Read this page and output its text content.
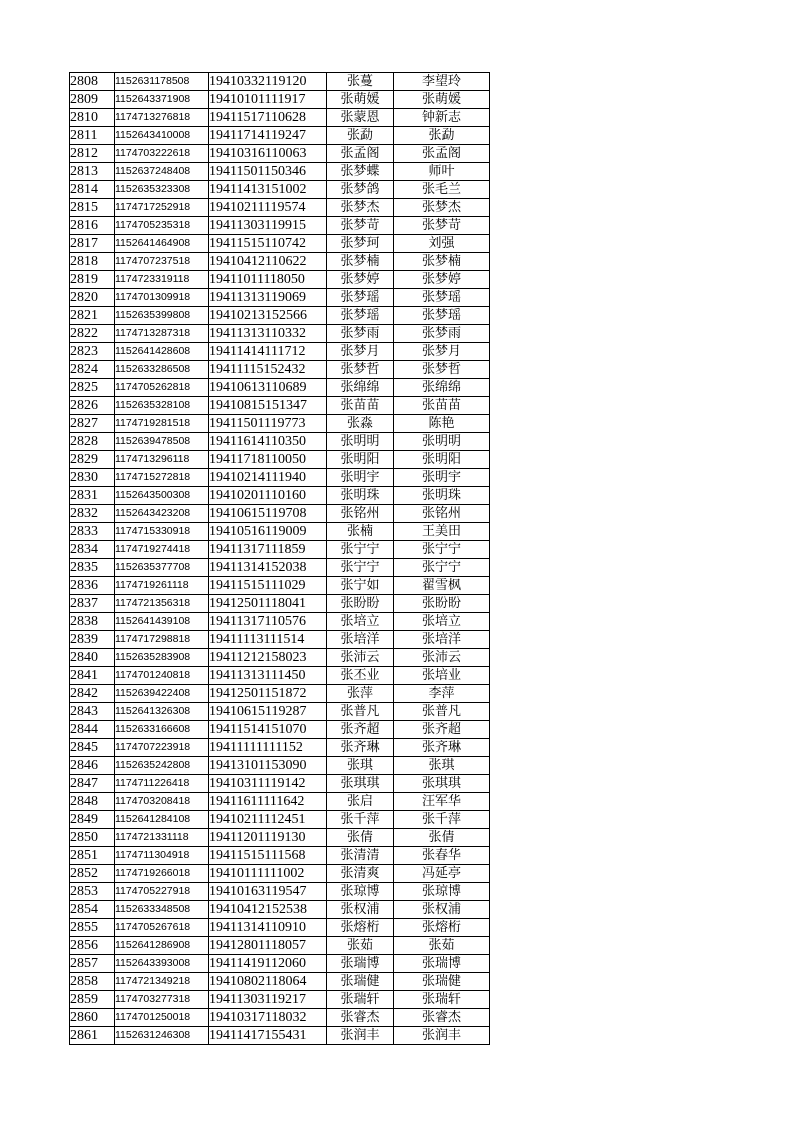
2808	1152631178508	19410332119120	张蔓	李望玲
2809	1152643371908	19410101111917	张萌媛	张萌媛
2810	1174713276818	19411517110628	张蒙恩	钟新志
2811	1152643410008	19411714119247	张勐	张勐
2812	1174703222618	19410316110063	张孟阁	张孟阁
2813	1152637248408	19411501150346	张梦蝶	师叶
2814	1152635323308	19411413151002	张梦鸽	张毛兰
2815	1174717252918	19410211119574	张梦杰	张梦杰
2816	1174705235318	19411303119915	张梦苛	张梦苛
2817	1152641464908	19411515110742	张梦珂	刘强
2818	1174707237518	19410412110622	张梦楠	张梦楠
2819	1174723319118	19411011118050	张梦婷	张梦婷
2820	1174701309918	19411313119069	张梦瑶	张梦瑶
2821	1152635399808	19410213152566	张梦瑶	张梦瑶
2822	1174713287318	19411313110332	张梦雨	张梦雨
2823	1152641428608	19411414111712	张梦月	张梦月
2824	1152633286508	19411115152432	张梦哲	张梦哲
2825	1174705262818	19410613110689	张绵绵	张绵绵
2826	1152635328108	19410815151347	张苗苗	张苗苗
2827	1174719281518	19411501119773	张淼	陈艳
2828	1152639478508	19411614110350	张明明	张明明
2829	1174713296118	19411718110050	张明阳	张明阳
2830	1174715272818	19410214111940	张明宇	张明宇
2831	1152643500308	19410201110160	张明珠	张明珠
2832	1152643423208	19410615119708	张铭州	张铭州
2833	1174715330918	19410516119009	张楠	王美田
2834	1174719274418	19411317111859	张宁宁	张宁宁
2835	1152635377708	19411314152038	张宁宁	张宁宁
2836	1174719261118	19411515111029	张宁如	翟雪枫
2837	1174721356318	19412501118041	张盼盼	张盼盼
2838	1152641439108	19411317110576	张培立	张培立
2839	1174717298818	19411113111514	张培洋	张培洋
2840	1152635283908	19411212158023	张沛云	张沛云
2841	1174701240818	19411313111450	张丕业	张培业
2842	1152639422408	19412501151872	张萍	李萍
2843	1152641326308	19410615119287	张普凡	张普凡
2844	1152633166608	19411514151070	张齐超	张齐超
2845	1174707223918	19411111111152	张齐琳	张齐琳
2846	1152635242808	19413101153090	张琪	张琪
2847	1174711226418	19410311119142	张琪琪	张琪琪
2848	1174703208418	19411611111642	张启	汪军华
2849	1152641284108	19410211112451	张千萍	张千萍
2850	1174721331118	19411201119130	张倩	张倩
2851	1174711304918	19411515111568	张清清	张春华
2852	1174719266018	19410111111002	张清爽	冯延亭
2853	1174705227918	19410163119547	张琼博	张琼博
2854	1152633348508	19410412152538	张权浦	张权浦
2855	1174705267618	19411314110910	张熔桁	张熔桁
2856	1152641286908	19412801118057	张茹	张茹
2857	1152643393008	19411419112060	张瑞博	张瑞博
2858	1174721349218	19410802118064	张瑞健	张瑞健
2859	1174703277318	19411303119217	张瑞轩	张瑞轩
2860	1174701250018	19410317118032	张睿杰	张睿杰
2861	1152631246308	19411417155431	张润丰	张润丰
